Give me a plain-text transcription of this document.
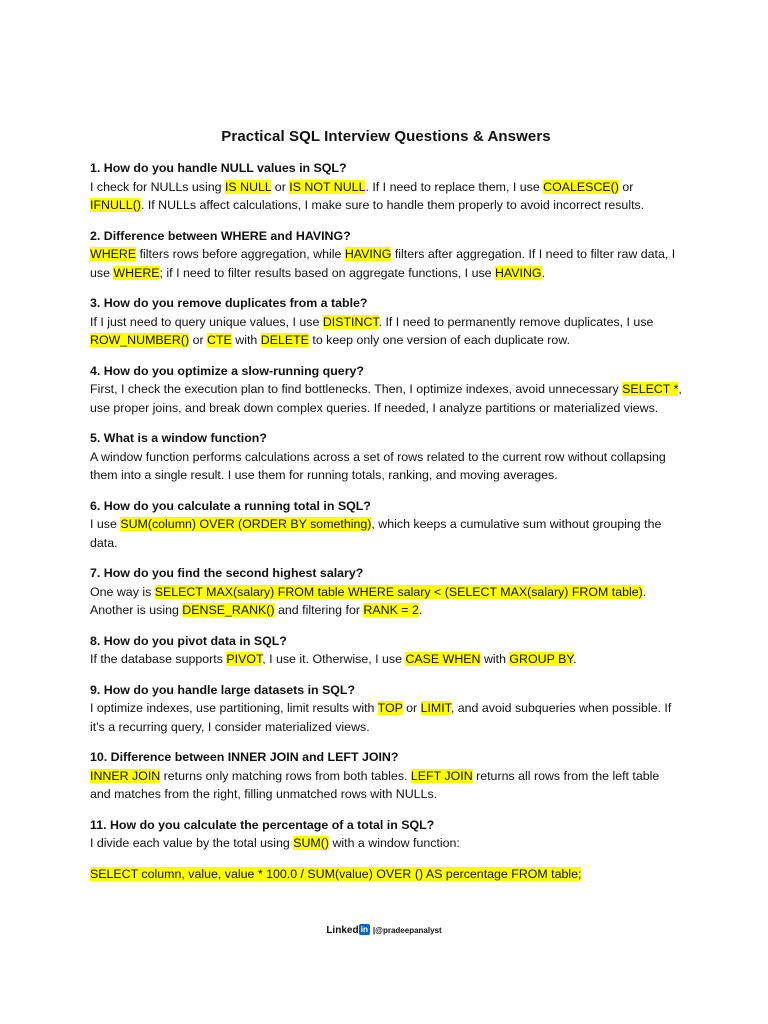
Practical SQL Interview Questions & Answers
1. How do you handle NULL values in SQL?
I check for NULLs using IS NULL or IS NOT NULL. If I need to replace them, I use COALESCE() or IFNULL(). If NULLs affect calculations, I make sure to handle them properly to avoid incorrect results.
2. Difference between WHERE and HAVING?
WHERE filters rows before aggregation, while HAVING filters after aggregation. If I need to filter raw data, I use WHERE; if I need to filter results based on aggregate functions, I use HAVING.
3. How do you remove duplicates from a table?
If I just need to query unique values, I use DISTINCT. If I need to permanently remove duplicates, I use ROW_NUMBER() or CTE with DELETE to keep only one version of each duplicate row.
4. How do you optimize a slow-running query?
First, I check the execution plan to find bottlenecks. Then, I optimize indexes, avoid unnecessary SELECT *, use proper joins, and break down complex queries. If needed, I analyze partitions or materialized views.
5. What is a window function?
A window function performs calculations across a set of rows related to the current row without collapsing them into a single result. I use them for running totals, ranking, and moving averages.
6. How do you calculate a running total in SQL?
I use SUM(column) OVER (ORDER BY something), which keeps a cumulative sum without grouping the data.
7. How do you find the second highest salary?
One way is SELECT MAX(salary) FROM table WHERE salary < (SELECT MAX(salary) FROM table). Another is using DENSE_RANK() and filtering for RANK = 2.
8. How do you pivot data in SQL?
If the database supports PIVOT, I use it. Otherwise, I use CASE WHEN with GROUP BY.
9. How do you handle large datasets in SQL?
I optimize indexes, use partitioning, limit results with TOP or LIMIT, and avoid subqueries when possible. If it's a recurring query, I consider materialized views.
10. Difference between INNER JOIN and LEFT JOIN?
INNER JOIN returns only matching rows from both tables. LEFT JOIN returns all rows from the left table and matches from the right, filling unmatched rows with NULLs.
11. How do you calculate the percentage of a total in SQL?
I divide each value by the total using SUM() with a window function:
SELECT column, value, value * 100.0 / SUM(value) OVER () AS percentage FROM table;
Linked in |@pradeepanalyst
